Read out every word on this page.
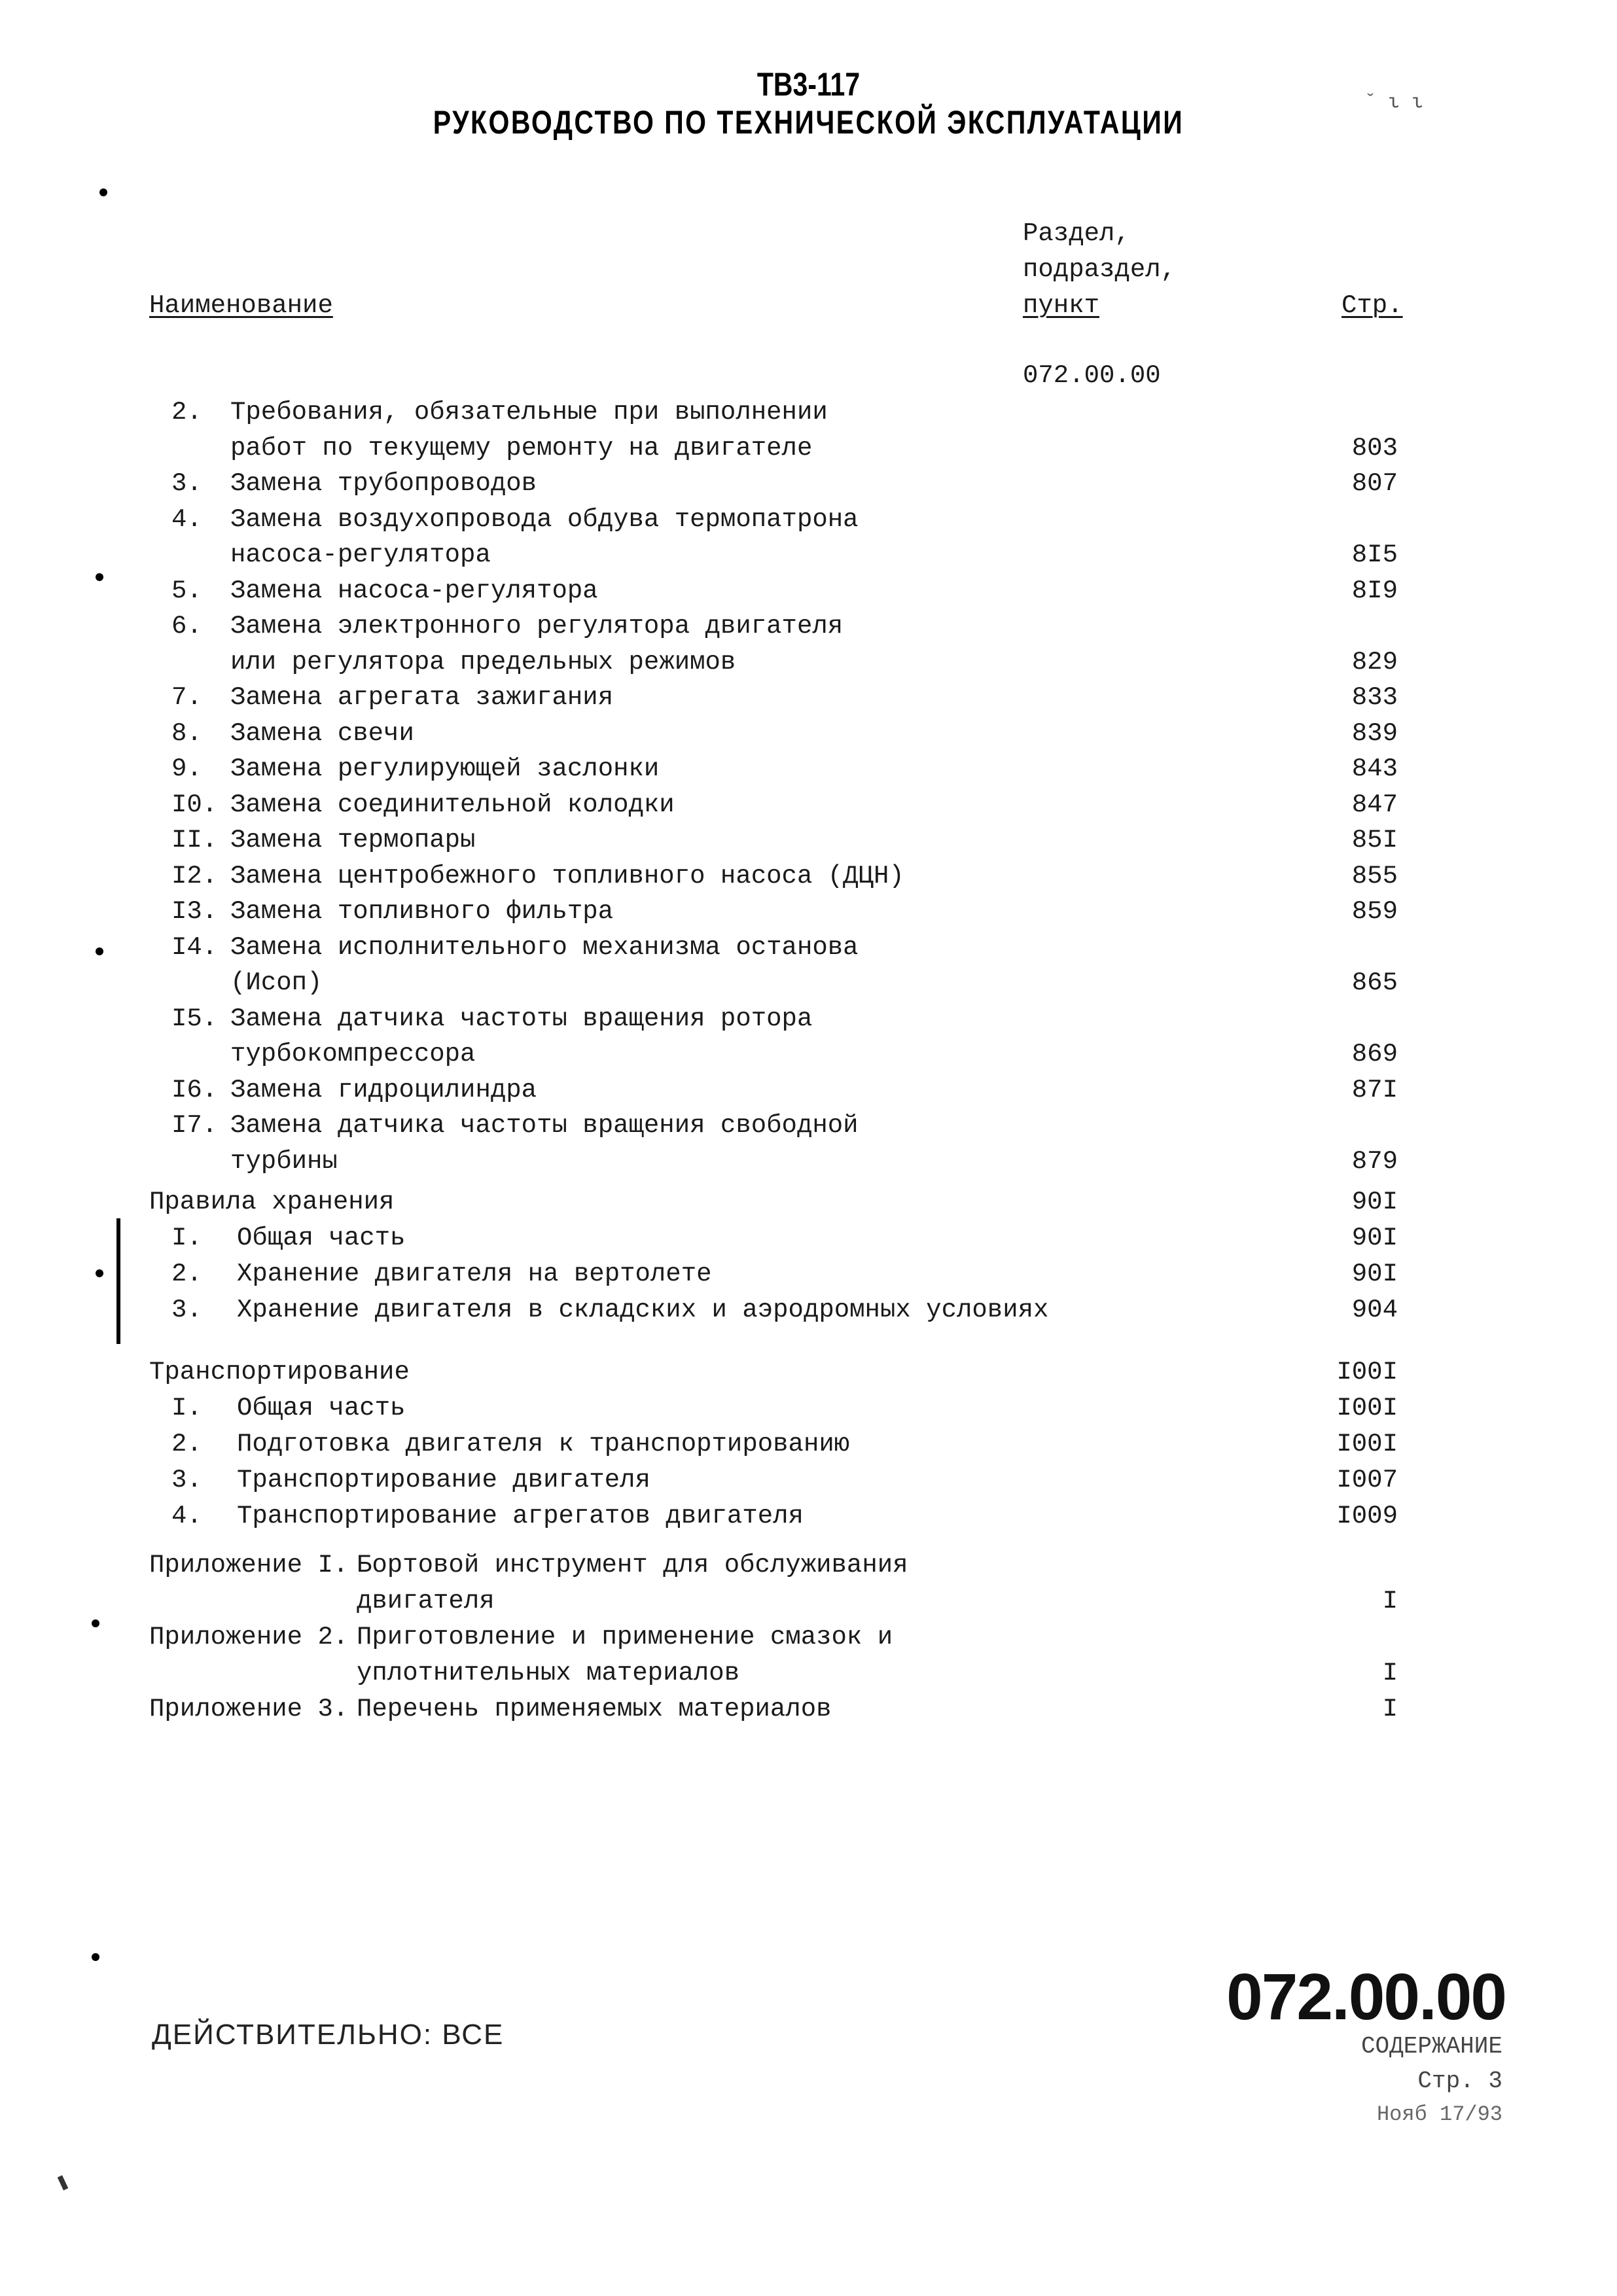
ТВ3-117
РУКОВОДСТВО ПО ТЕХНИЧЕСКОЙ ЭКСПЛУАТАЦИИ
ˇ ι ι
Наименование
Раздел,
подраздел,
пункт	Стр.
072.00.00
2. Требования, обязательные при выполнении
работ по текущему ремонту на двигателе	803
3. Замена трубопроводов	807
4. Замена воздухопровода обдува термопатрона
насоса-регулятора	8I5
5. Замена насоса-регулятора	8I9
6. Замена электронного регулятора двигателя
или регулятора предельных режимов	829
7. Замена агрегата зажигания	833
8. Замена свечи	839
9. Замена регулирующей заслонки	843
I0. Замена соединительной колодки	847
II. Замена термопары	85I
I2. Замена центробежного топливного насоса (ДЦН)	855
I3. Замена топливного фильтра	859
I4. Замена исполнительного механизма останова
(Исоп)	865
I5. Замена датчика частоты вращения ротора
турбокомпрессора	869
I6. Замена гидроцилиндра	87I
I7. Замена датчика частоты вращения свободной
турбины	879
Правила хранения	90I
I. Общая часть	90I
2. Хранение двигателя на вертолете	90I
3. Хранение двигателя в складских и аэродромных условиях	904
Транспортирование	I00I
I. Общая часть	I00I
2. Подготовка двигателя к транспортированию	I00I
3. Транспортирование двигателя	I007
4. Транспортирование агрегатов двигателя	I009
Приложение I. Бортовой инструмент для обслуживания
двигателя	I
Приложение 2. Приготовление и применение смазок и
уплотнительных материалов	I
Приложение 3. Перечень применяемых материалов	I
ДЕЙСТВИТЕЛЬНО: ВСЕ
072.00.00
СОДЕРЖАНИЕ
Стр. 3
Нояб 17/93
